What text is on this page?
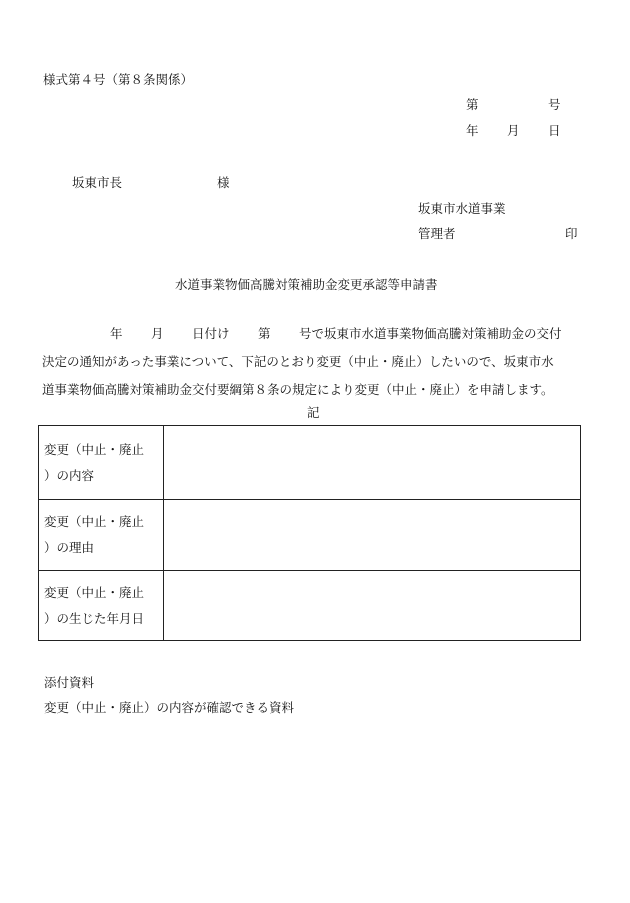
様式第４号（第８条関係）
第	号
年 月 日
坂東市長	様
坂東市水道事業
管理者	印
水道事業物価高騰対策補助金変更承認等申請書
年 月 日付け 第 号で坂東市水道事業物価高騰対策補助金の交付

決定の通知があった事業について、下記のとおり変更（中止・廃止）したいので、坂東市水
道事業物価高騰対策補助金交付要綱第８条の規定により変更（中止・廃止）を申請します。
記
変更（中止・廃止
）の内容	

変更（中止・廃止
）の理由	

変更（中止・廃止
）の生じた年月日	

添付資料
変更（中止・廃止）の内容が確認できる資料
